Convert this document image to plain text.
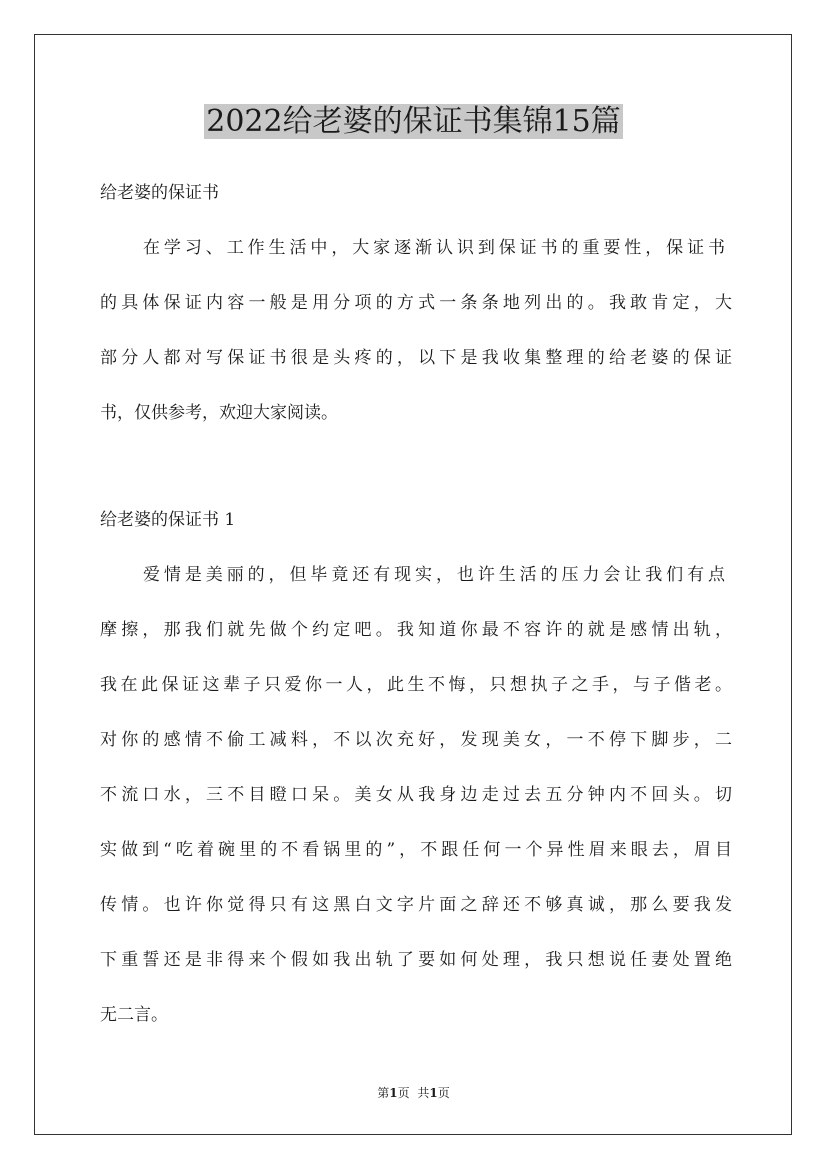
2022给老婆的保证书集锦15篇
给老婆的保证书
在学习、工作生活中，大家逐渐认识到保证书的重要性，保证书
的具体保证内容一般是用分项的方式一条条地列出的。我敢肯定，大
部分人都对写保证书很是头疼的，以下是我收集整理的给老婆的保证
书，仅供参考，欢迎大家阅读。
给老婆的保证书 1
爱情是美丽的，但毕竟还有现实，也许生活的压力会让我们有点
摩擦，那我们就先做个约定吧。我知道你最不容许的就是感情出轨，
我在此保证这辈子只爱你一人，此生不悔，只想执子之手，与子偕老。
对你的感情不偷工减料，不以次充好，发现美女，一不停下脚步，二
不流口水，三不目瞪口呆。美女从我身边走过去五分钟内不回头。切
实做到“吃着碗里的不看锅里的”，不跟任何一个异性眉来眼去，眉目
传情。也许你觉得只有这黑白文字片面之辞还不够真诚，那么要我发
下重誓还是非得来个假如我出轨了要如何处理，我只想说任妻处置绝
无二言。
第1页 共1页
